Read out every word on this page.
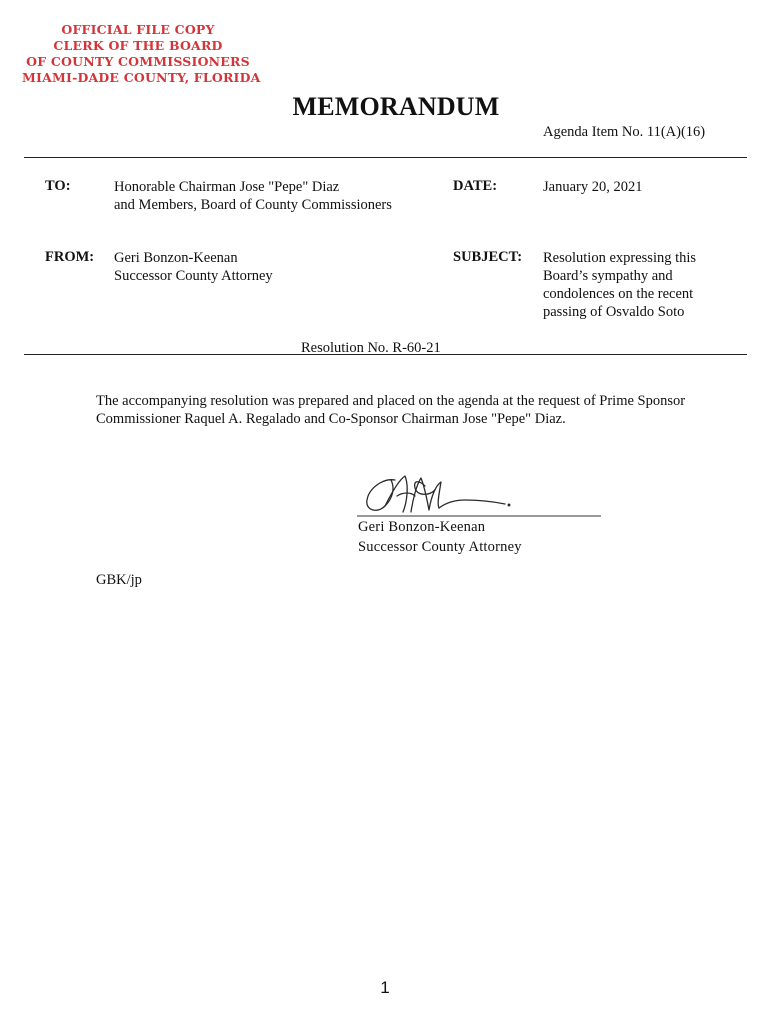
OFFICIAL FILE COPY
CLERK OF THE BOARD
OF COUNTY COMMISSIONERS
MIAMI-DADE COUNTY, FLORIDA
MEMORANDUM
Agenda Item No. 11(A)(16)
TO:	Honorable Chairman Jose "Pepe" Diaz
and Members, Board of County Commissioners
DATE:	January 20, 2021
FROM: Geri Bonzon-Keenan
Successor County Attorney
SUBJECT: Resolution expressing this
Board’s sympathy and
condolences on the recent
passing of Osvaldo Soto
Resolution No. R-60-21
The accompanying resolution was prepared and placed on the agenda at the request of Prime Sponsor
Commissioner Raquel A. Regalado and Co-Sponsor Chairman Jose "Pepe" Diaz.
Geri Bonzon-Keenan
Successor County Attorney
GBK/jp
1
